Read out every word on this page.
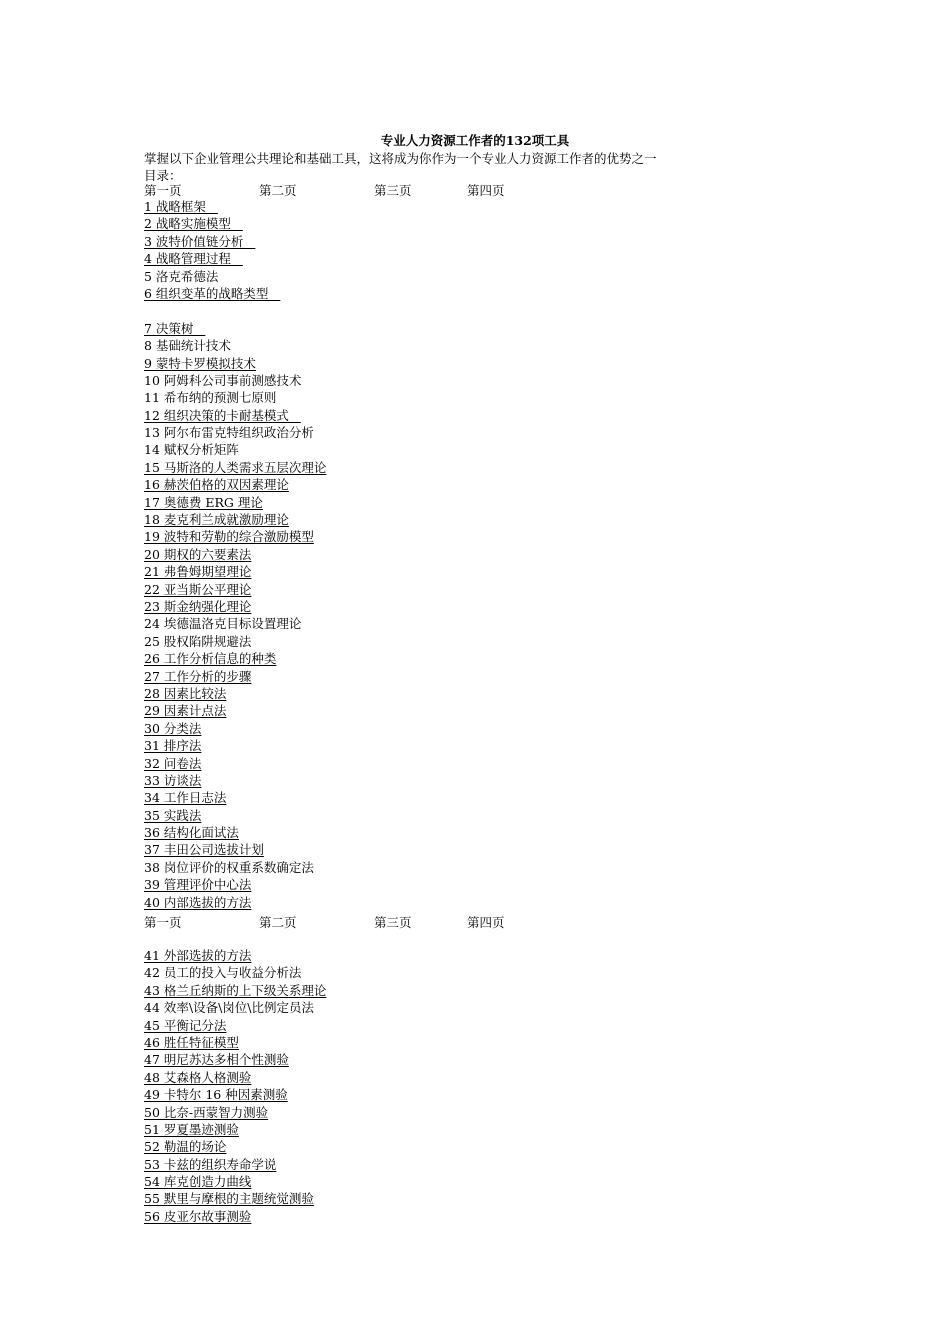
专业人力资源工作者的132项工具
掌握以下企业管理公共理论和基础工具，这将成为你作为一个专业人力资源工作者的优势之一
目录：
第一页	第二页	第三页	第四页
1 战略框架
2 战略实施模型
3 波特价值链分析
4 战略管理过程
5 洛克希德法
6 组织变革的战略类型
7 决策树
8 基础统计技术
9 蒙特卡罗模拟技术
10 阿姆科公司事前测感技术
11 希布纳的预测七原则
12 组织决策的卡耐基模式
13 阿尔布雷克特组织政治分析
14 赋权分析矩阵
15 马斯洛的人类需求五层次理论
16 赫茨伯格的双因素理论
17 奥德费 ERG 理论
18 麦克利兰成就激励理论
19 波特和劳勒的综合激励模型
20 期权的六要素法
21 弗鲁姆期望理论
22 亚当斯公平理论
23 斯金纳强化理论
24 埃德温洛克目标设置理论
25 股权陷阱规避法
26 工作分析信息的种类
27 工作分析的步骤
28 因素比较法
29 因素计点法
30 分类法
31 排序法
32 问卷法
33 访谈法
34 工作日志法
35 实践法
36 结构化面试法
37 丰田公司选拔计划
38 岗位评价的权重系数确定法
39 管理评价中心法
40 内部选拔的方法
第一页	第二页	第三页	第四页
41 外部选拔的方法
42 员工的投入与收益分析法
43 格兰丘纳斯的上下级关系理论
44 效率\设备\岗位\比例定员法
45 平衡记分法
46 胜任特征模型
47 明尼苏达多相个性测验
48 艾森格人格测验
49 卡特尔 16 种因素测验
50 比奈-西蒙智力测验
51 罗夏墨迹测验
52 勒温的场论
53 卡兹的组织寿命学说
54 库克创造力曲线
55 默里与摩根的主题统觉测验
56 皮亚尔故事测验
